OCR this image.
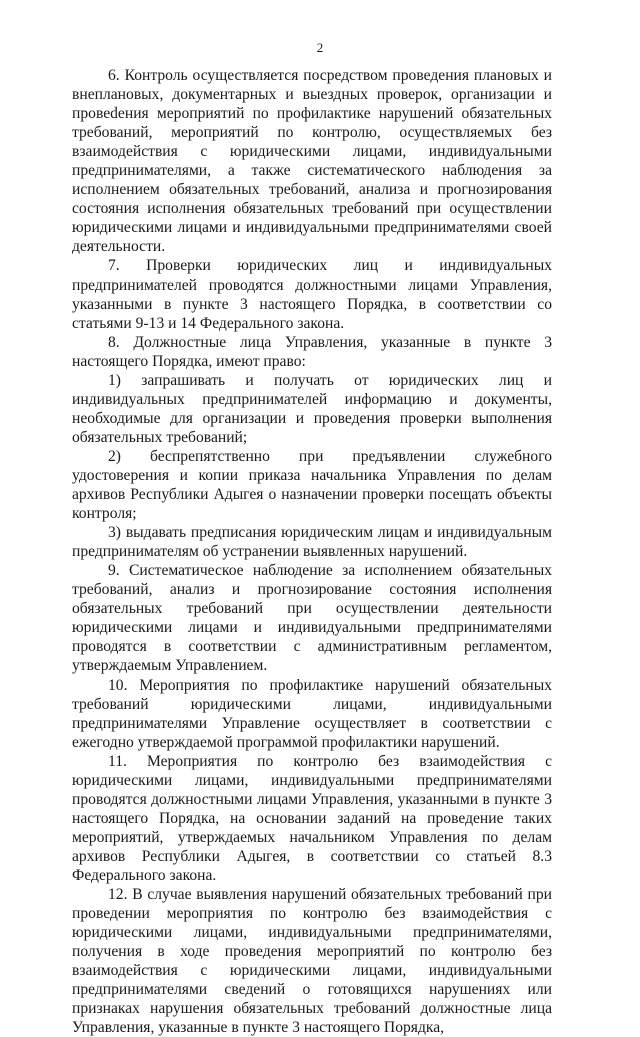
2

6. Контроль осуществляется посредством проведения плановых и внеплановых, документарных и выездных проверок, организации и провеdения мероприятий по профилактике нарушений обязательных требований, мероприятий по контролю, осуществляемых без взаимодействия с юридическими лицами, индивидуальными предпринимателями, а также систематического наблюдения за исполнением обязательных требований, анализа и прогнозирования состояния исполнения обязательных требований при осуществлении юридическими лицами и индивидуальными предпринимателями своей деятельности.

7. Проверки юридических лиц и индивидуальных предпринимателей проводятся должностными лицами Управления, указанными в пункте 3 настоящего Порядка, в соответствии со статьями 9-13 и 14 Федерального закона.

8. Должностные лица Управления, указанные в пункте 3 настоящего Порядка, имеют право:

1) запрашивать и получать от юридических лиц и индивидуальных предпринимателей информацию и документы, необходимые для организации и проведения проверки выполнения обязательных требований;

2) беспрепятственно при предъявлении служебного удостоверения и копии приказа начальника Управления по делам архивов Республики Адыгея о назначении проверки посещать объекты контроля;

3) выдавать предписания юридическим лицам и индивидуальным предпринимателям об устранении выявленных нарушений.

9. Систематическое наблюдение за исполнением обязательных требований, анализ и прогнозирование состояния исполнения обязательных требований при осуществлении деятельности юридическими лицами и индивидуальными предпринимателями проводятся в соответствии с административным регламентом, утверждаемым Управлением.

10. Мероприятия по профилактике нарушений обязательных требований юридическими лицами, индивидуальными предпринимателями Управление осуществляет в соответствии с ежегодно утверждаемой программой профилактики нарушений.

11. Мероприятия по контролю без взаимодействия с юридическими лицами, индивидуальными предпринимателями проводятся должностными лицами Управления, указанными в пункте 3 настоящего Порядка, на основании заданий на проведение таких мероприятий, утверждаемых начальником Управления по делам архивов Республики Адыгея, в соответствии со статьей 8.3 Федерального закона.

12. В случае выявления нарушений обязательных требований при проведении мероприятия по контролю без взаимодействия с юридическими лицами, индивидуальными предпринимателями, получения в ходе проведения мероприятий по контролю без взаимодействия с юридическими лицами, индивидуальными предпринимателями сведений о готовящихся нарушениях или признаках нарушения обязательных требований должностные лица Управления, указанные в пункте 3 настоящего Порядка,
